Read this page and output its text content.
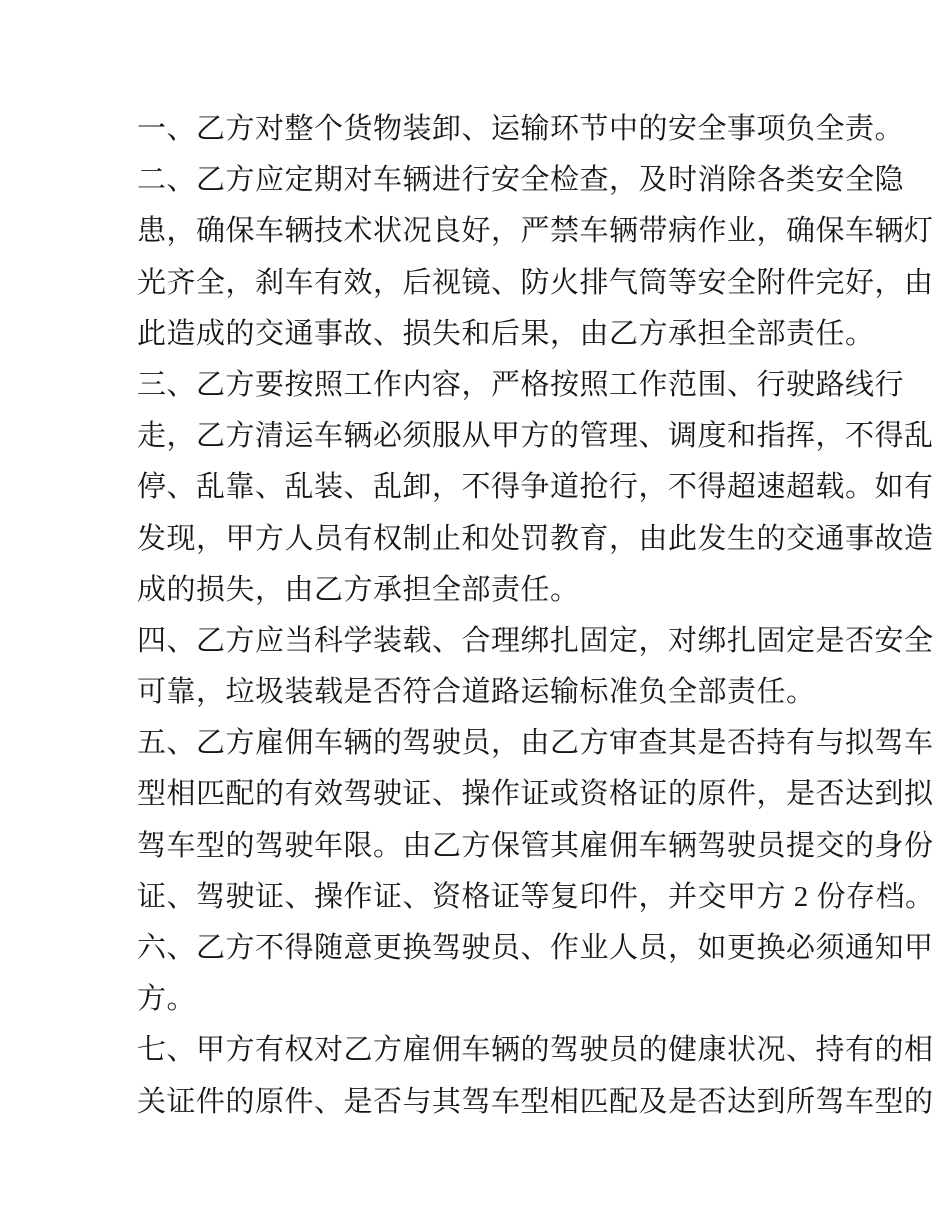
一、乙方对整个货物装卸、运输环节中的安全事项负全责。
二、乙方应定期对车辆进行安全检查，及时消除各类安全隐
患，确保车辆技术状况良好，严禁车辆带病作业，确保车辆灯
光齐全，刹车有效，后视镜、防火排气筒等安全附件完好，由
此造成的交通事故、损失和后果，由乙方承担全部责任。
三、乙方要按照工作内容，严格按照工作范围、行驶路线行
走，乙方清运车辆必须服从甲方的管理、调度和指挥，不得乱
停、乱靠、乱装、乱卸，不得争道抢行，不得超速超载。如有
发现，甲方人员有权制止和处罚教育，由此发生的交通事故造
成的损失，由乙方承担全部责任。
四、乙方应当科学装载、合理绑扎固定，对绑扎固定是否安全
可靠，垃圾装载是否符合道路运输标准负全部责任。
五、乙方雇佣车辆的驾驶员，由乙方审查其是否持有与拟驾车
型相匹配的有效驾驶证、操作证或资格证的原件，是否达到拟
驾车型的驾驶年限。由乙方保管其雇佣车辆驾驶员提交的身份
证、驾驶证、操作证、资格证等复印件，并交甲方 2 份存档。
六、乙方不得随意更换驾驶员、作业人员，如更换必须通知甲
方。
七、甲方有权对乙方雇佣车辆的驾驶员的健康状况、持有的相
关证件的原件、是否与其驾车型相匹配及是否达到所驾车型的
